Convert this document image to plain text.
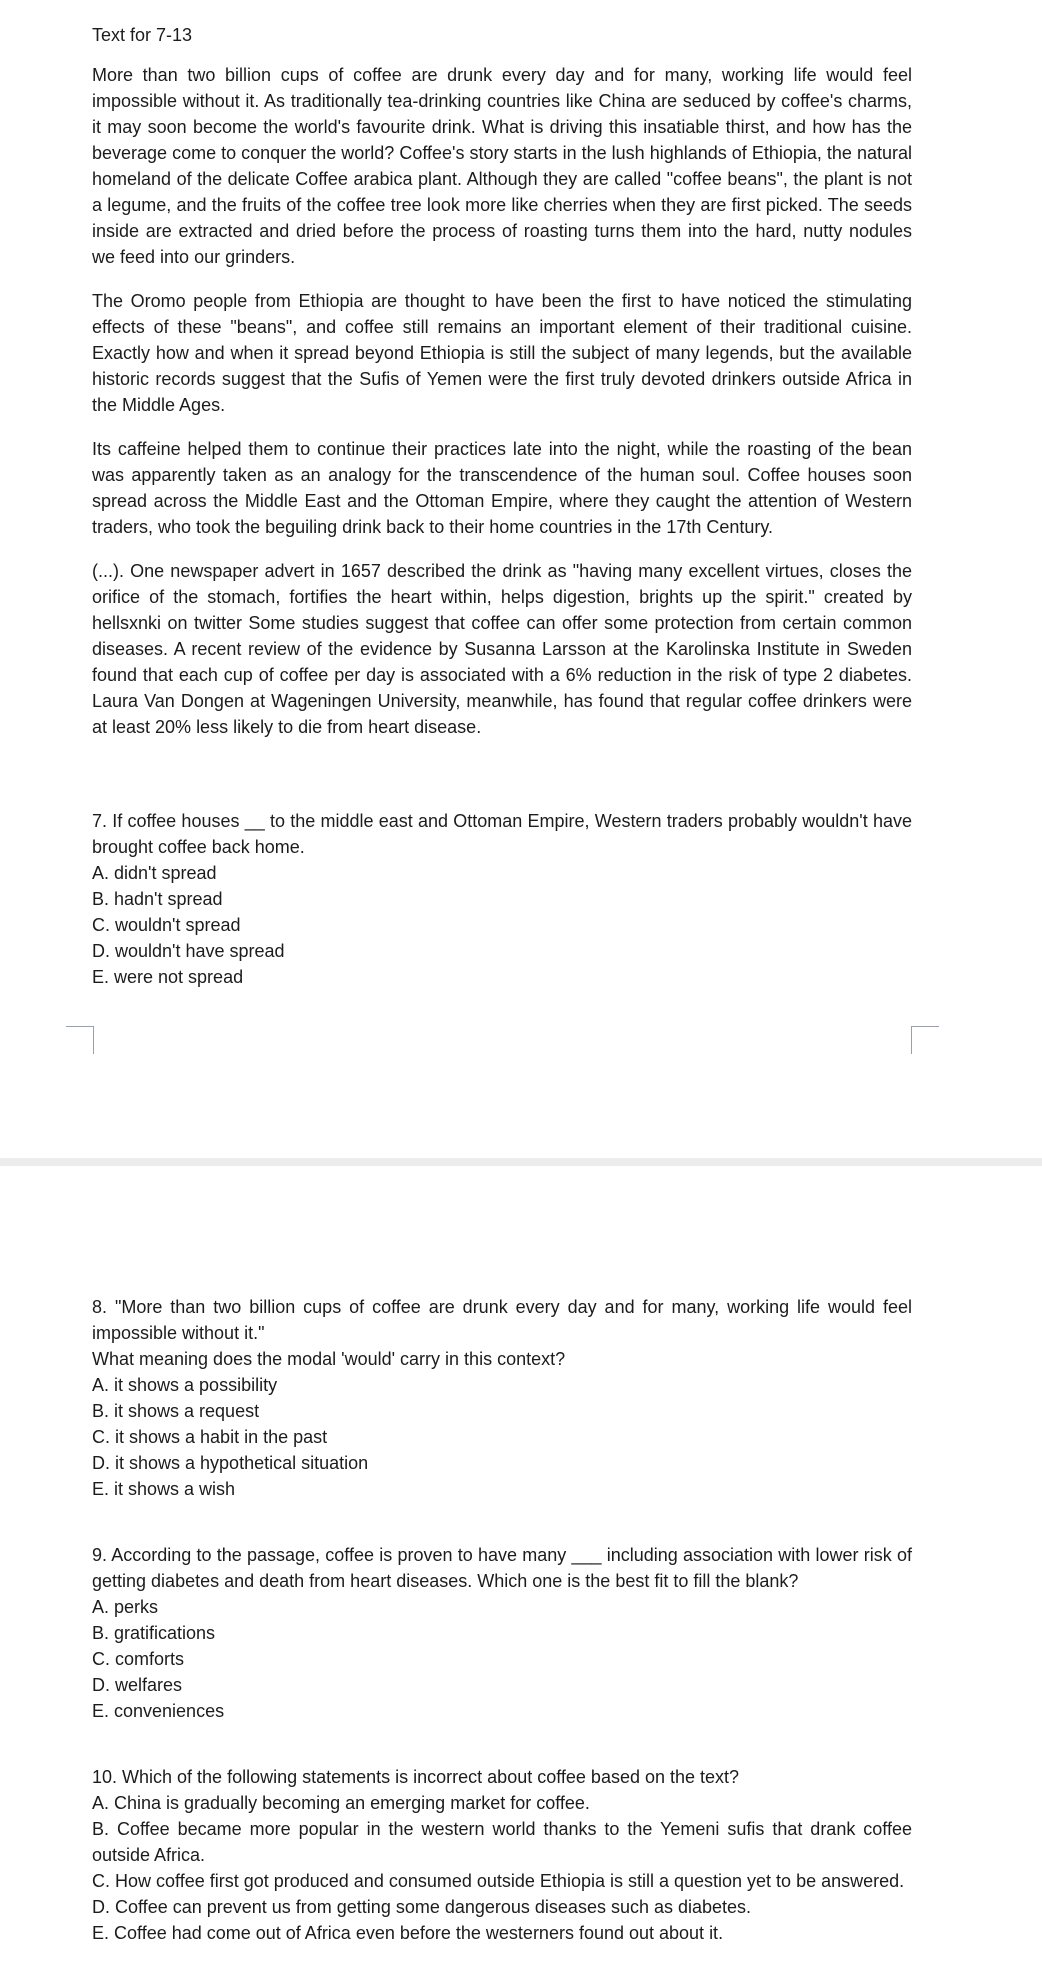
Text for 7-13

More than two billion cups of coffee are drunk every day and for many, working life would feel impossible without it. As traditionally tea-drinking countries like China are seduced by coffee's charms, it may soon become the world's favourite drink. What is driving this insatiable thirst, and how has the beverage come to conquer the world? Coffee's story starts in the lush highlands of Ethiopia, the natural homeland of the delicate Coffee arabica plant. Although they are called "coffee beans", the plant is not a legume, and the fruits of the coffee tree look more like cherries when they are first picked. The seeds inside are extracted and dried before the process of roasting turns them into the hard, nutty nodules we feed into our grinders.

The Oromo people from Ethiopia are thought to have been the first to have noticed the stimulating effects of these "beans", and coffee still remains an important element of their traditional cuisine. Exactly how and when it spread beyond Ethiopia is still the subject of many legends, but the available historic records suggest that the Sufis of Yemen were the first truly devoted drinkers outside Africa in the Middle Ages.

Its caffeine helped them to continue their practices late into the night, while the roasting of the bean was apparently taken as an analogy for the transcendence of the human soul. Coffee houses soon spread across the Middle East and the Ottoman Empire, where they caught the attention of Western traders, who took the beguiling drink back to their home countries in the 17th Century.

(...). One newspaper advert in 1657 described the drink as "having many excellent virtues, closes the orifice of the stomach, fortifies the heart within, helps digestion, brights up the spirit." created by hellsxnki on twitter Some studies suggest that coffee can offer some protection from certain common diseases. A recent review of the evidence by Susanna Larsson at the Karolinska Institute in Sweden found that each cup of coffee per day is associated with a 6% reduction in the risk of type 2 diabetes. Laura Van Dongen at Wageningen University, meanwhile, has found that regular coffee drinkers were at least 20% less likely to die from heart disease.

7. If coffee houses __ to the middle east and Ottoman Empire, Western traders probably wouldn't have brought coffee back home.

A. didn't spread

B. hadn't spread

C. wouldn't spread

D. wouldn't have spread

E. were not spread

8. "More than two billion cups of coffee are drunk every day and for many, working life would feel impossible without it."

What meaning does the modal 'would' carry in this context?

A. it shows a possibility

B. it shows a request

C. it shows a habit in the past

D. it shows a hypothetical situation

E. it shows a wish

9. According to the passage, coffee is proven to have many ___ including association with lower risk of getting diabetes and death from heart diseases. Which one is the best fit to fill the blank?

A. perks

B. gratifications

C. comforts

D. welfares

E. conveniences

10. Which of the following statements is incorrect about coffee based on the text?

A. China is gradually becoming an emerging market for coffee.

B. Coffee became more popular in the western world thanks to the Yemeni sufis that drank coffee outside Africa.

C. How coffee first got produced and consumed outside Ethiopia is still a question yet to be answered.

D. Coffee can prevent us from getting some dangerous diseases such as diabetes.

E. Coffee had come out of Africa even before the westerners found out about it.
